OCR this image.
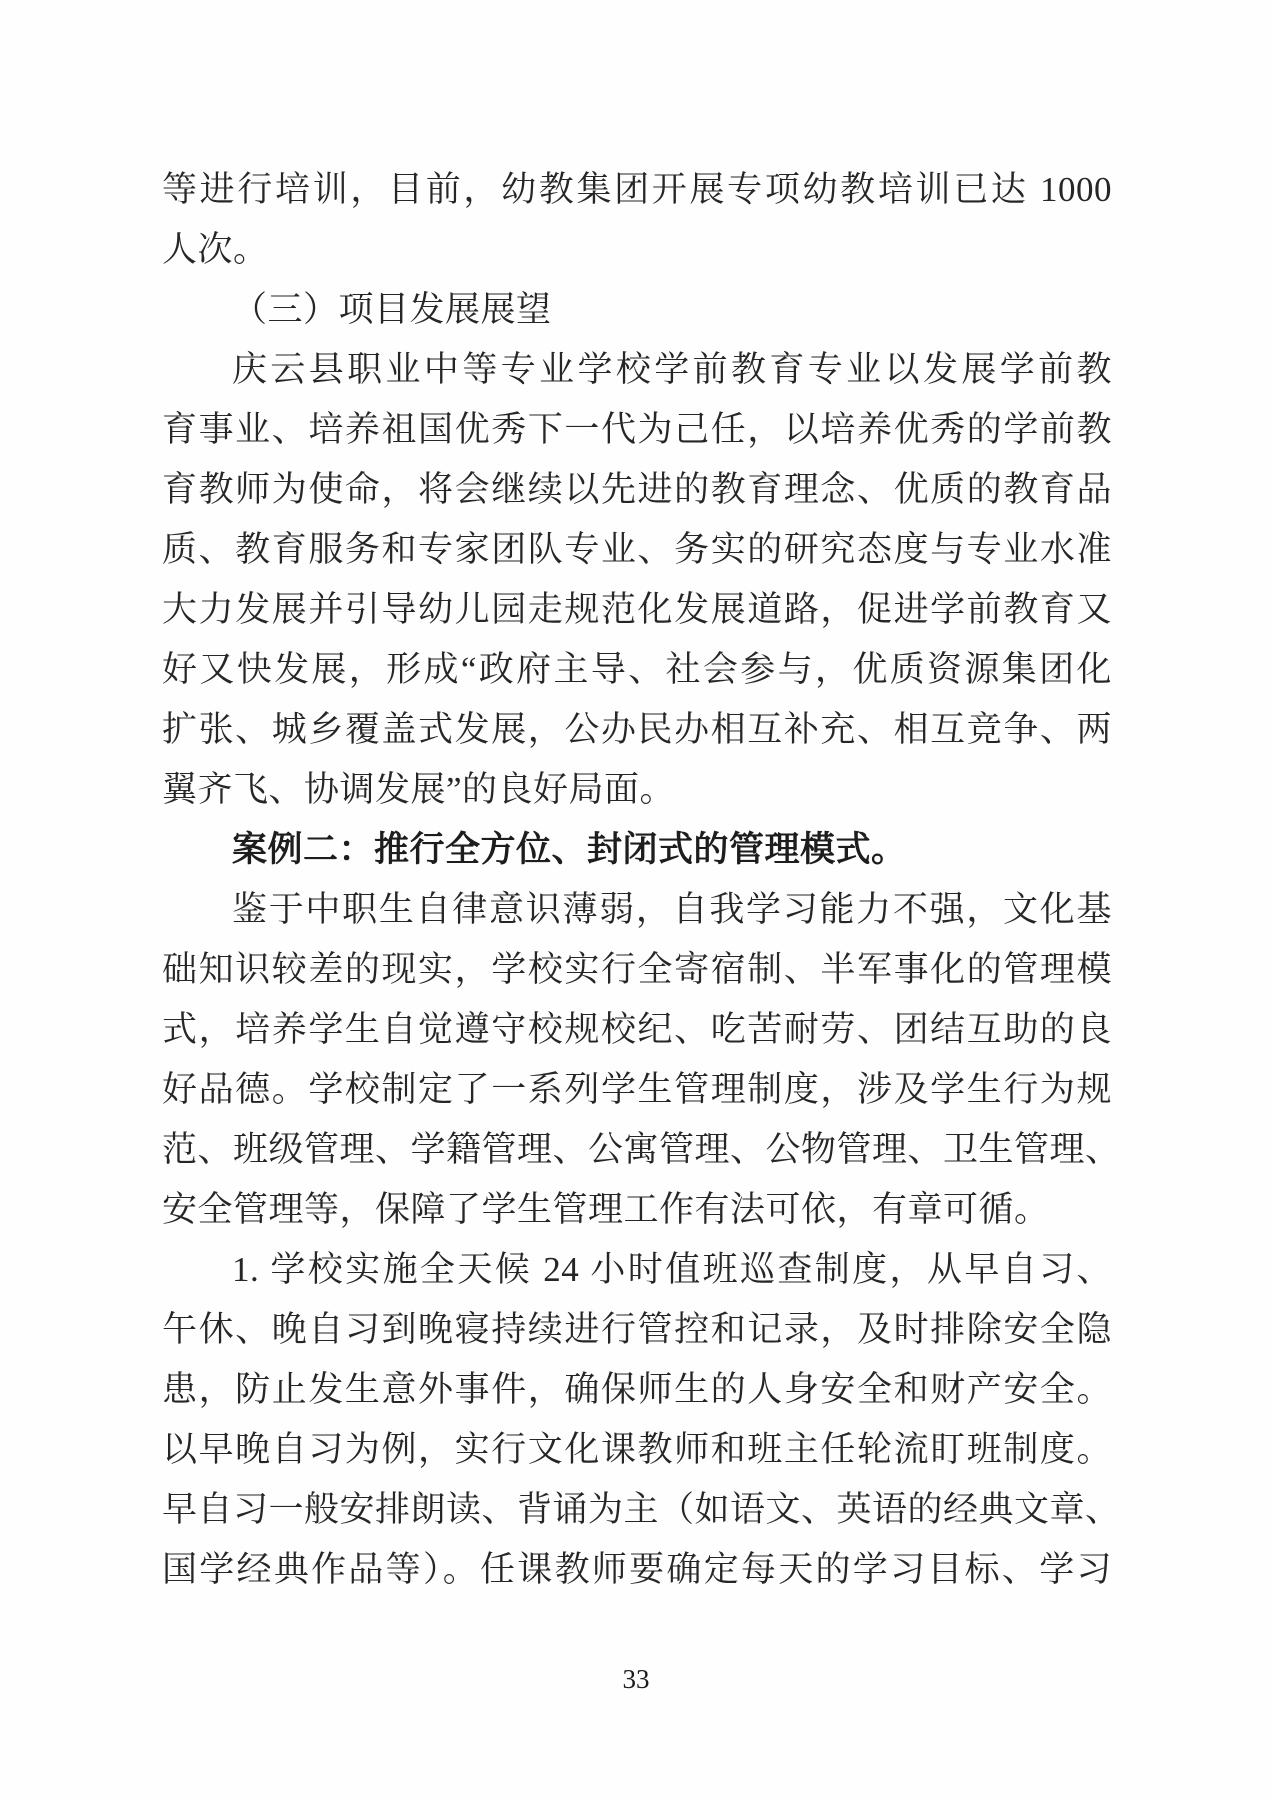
等进行培训，目前，幼教集团开展专项幼教培训已达 1000
人次。
（三）项目发展展望
庆云县职业中等专业学校学前教育专业以发展学前教
育事业、培养祖国优秀下一代为己任，以培养优秀的学前教
育教师为使命，将会继续以先进的教育理念、优质的教育品
质、教育服务和专家团队专业、务实的研究态度与专业水准
大力发展并引导幼儿园走规范化发展道路，促进学前教育又
好又快发展，形成“政府主导、社会参与，优质资源集团化
扩张、城乡覆盖式发展，公办民办相互补充、相互竞争、两
翼齐飞、协调发展”的良好局面。
案例二：推行全方位、封闭式的管理模式。
鉴于中职生自律意识薄弱，自我学习能力不强，文化基
础知识较差的现实，学校实行全寄宿制、半军事化的管理模
式，培养学生自觉遵守校规校纪、吃苦耐劳、团结互助的良
好品德。学校制定了一系列学生管理制度，涉及学生行为规
范、班级管理、学籍管理、公寓管理、公物管理、卫生管理、
安全管理等，保障了学生管理工作有法可依，有章可循。
1. 学校实施全天候 24 小时值班巡查制度，从早自习、
午休、晚自习到晚寝持续进行管控和记录，及时排除安全隐
患，防止发生意外事件，确保师生的人身安全和财产安全。
以早晚自习为例，实行文化课教师和班主任轮流盯班制度。
早自习一般安排朗读、背诵为主（如语文、英语的经典文章、
国学经典作品等）。任课教师要确定每天的学习目标、学习
33
